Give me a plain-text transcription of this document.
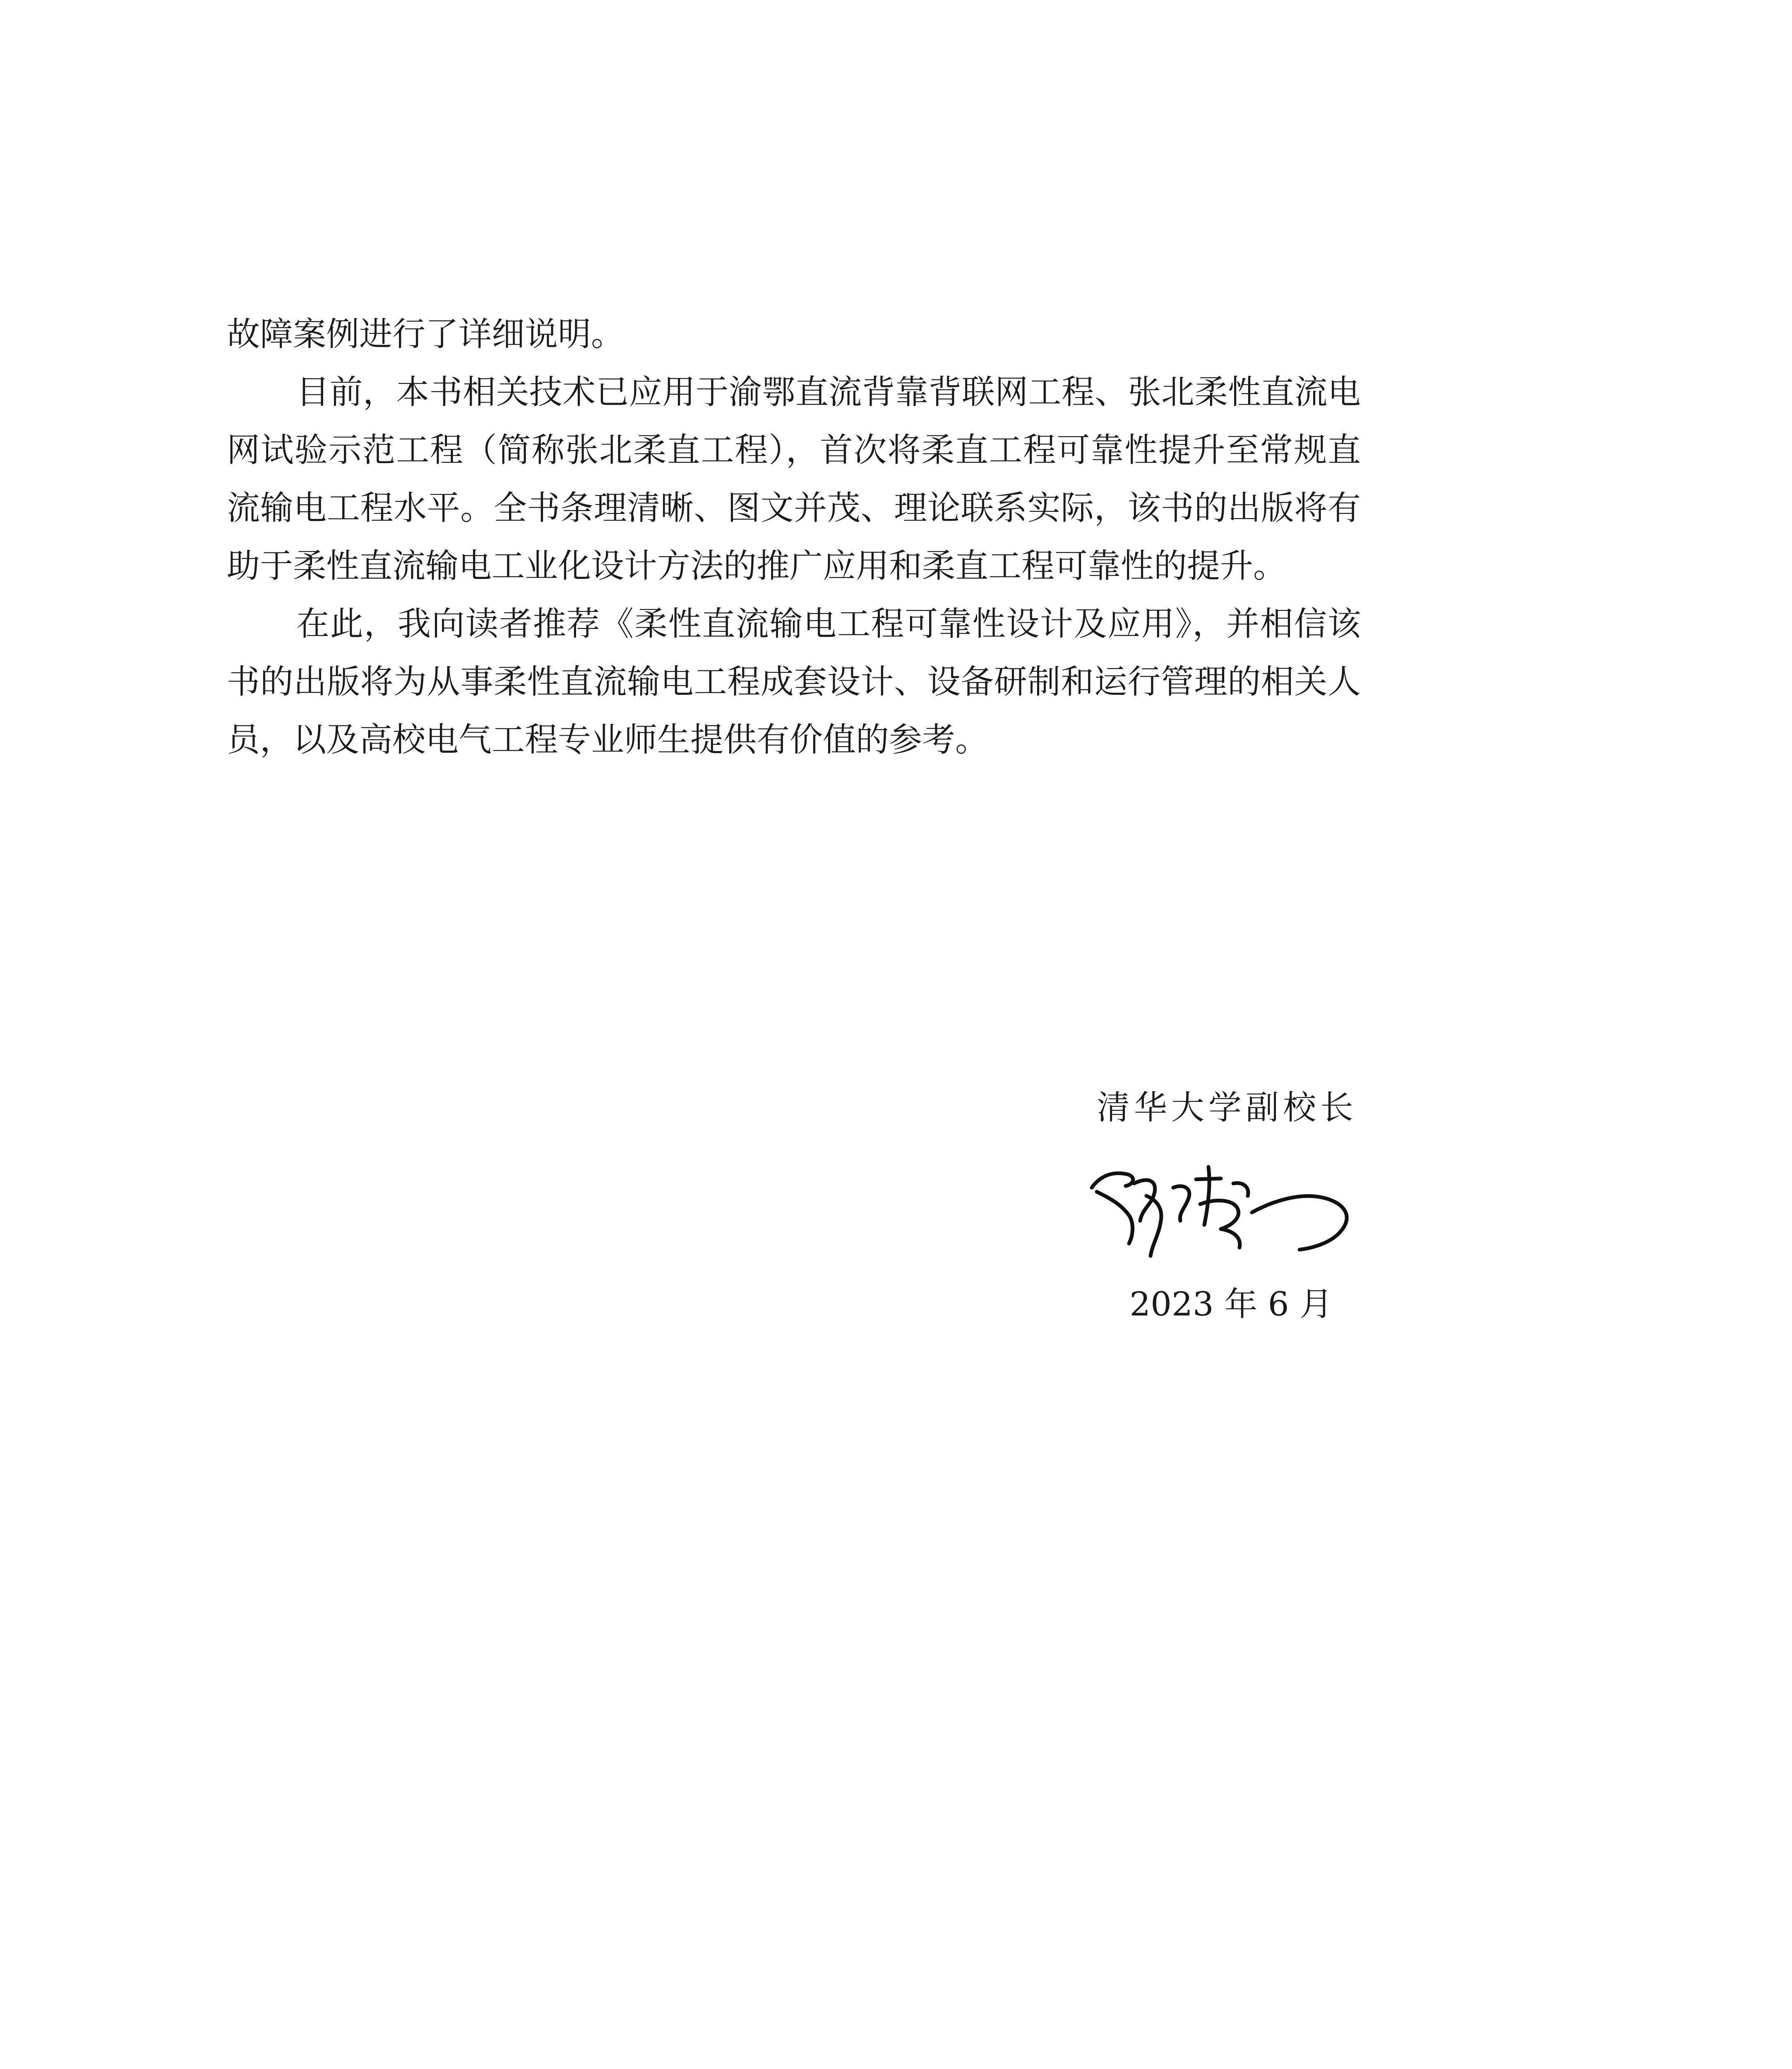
故障案例进行了详细说明。

目前，本书相关技术已应用于渝鄂直流背靠背联网工程、张北柔性直流电网试验示范工程（简称张北柔直工程），首次将柔直工程可靠性提升至常规直流输电工程水平。全书条理清晰、图文并茂、理论联系实际，该书的出版将有助于柔性直流输电工业化设计方法的推广应用和柔直工程可靠性的提升。

在此，我向读者推荐《柔性直流输电工程可靠性设计及应用》，并相信该书的出版将为从事柔性直流输电工程成套设计、设备研制和运行管理的相关人员，以及高校电气工程专业师生提供有价值的参考。

清华大学副校长
2023 年 6 月
